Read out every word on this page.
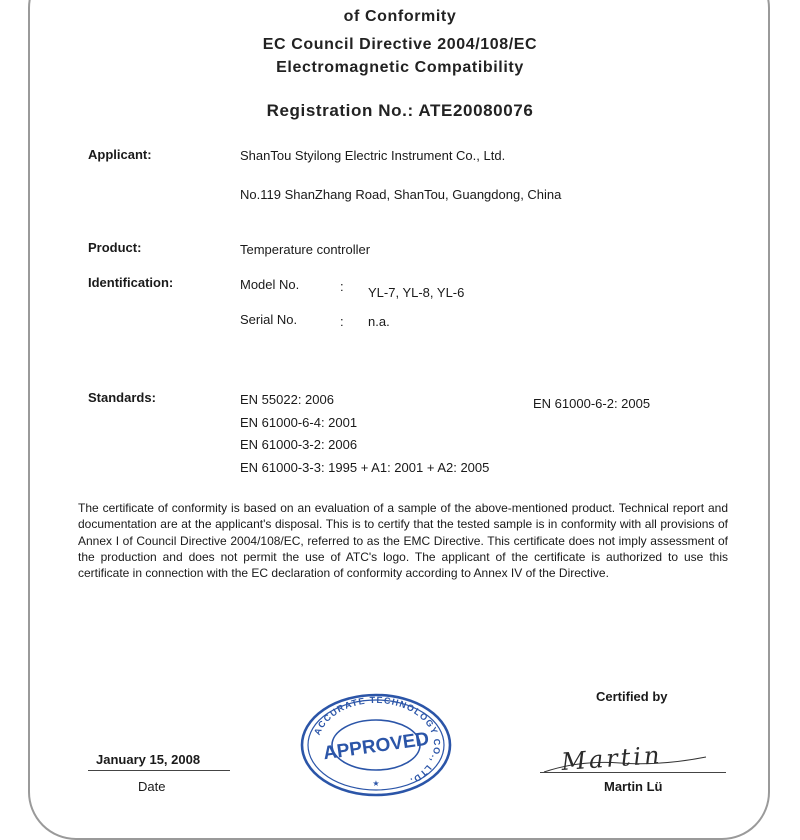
of Conformity
EC Council Directive 2004/108/EC
Electromagnetic Compatibility
Registration No.: ATE20080076
Applicant:	ShanTou Styilong Electric Instrument Co., Ltd.
No.119 ShanZhang Road, ShanTou, Guangdong, China
Product:	Temperature controller
Identification:	Model No.	: YL-7, YL-8, YL-6
Serial No.	: n.a.
Standards:	EN 55022: 2006
EN 61000-6-4: 2001
EN 61000-3-2: 2006
EN 61000-3-3: 1995 + A1: 2001 + A2: 2005
EN 61000-6-2: 2005
The certificate of conformity is based on an evaluation of a sample of the above-mentioned product. Technical report and documentation are at the applicant's disposal. This is to certify that the tested sample is in conformity with all provisions of Annex I of Council Directive 2004/108/EC, referred to as the EMC Directive. This certificate does not imply assessment of the production and does not permit the use of ATC's logo. The applicant of the certificate is authorized to use this certificate in connection with the EC declaration of conformity according to Annex IV of the Directive.
Certified by
ACCURATE TECHNOLOGY CO., LTD.
APPROVED
★
January 15, 2008
Date
Martin
Martin Lü
